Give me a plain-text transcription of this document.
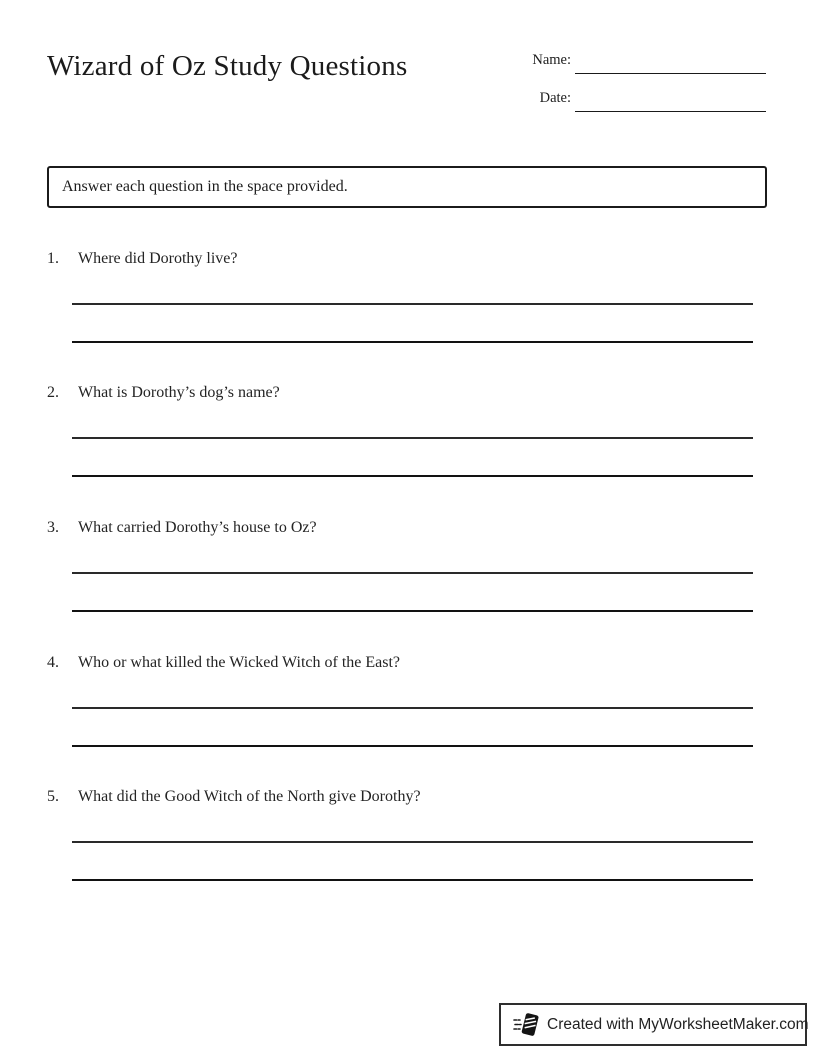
Wizard of Oz Study Questions	Name:
Date:
Answer each question in the space provided.
1.	Where did Dorothy live?
2.	What is Dorothy’s dog’s name?
3.	What carried Dorothy’s house to Oz?
4.	Who or what killed the Wicked Witch of the East?
5.	What did the Good Witch of the North give Dorothy?
Created with MyWorksheetMaker.com
